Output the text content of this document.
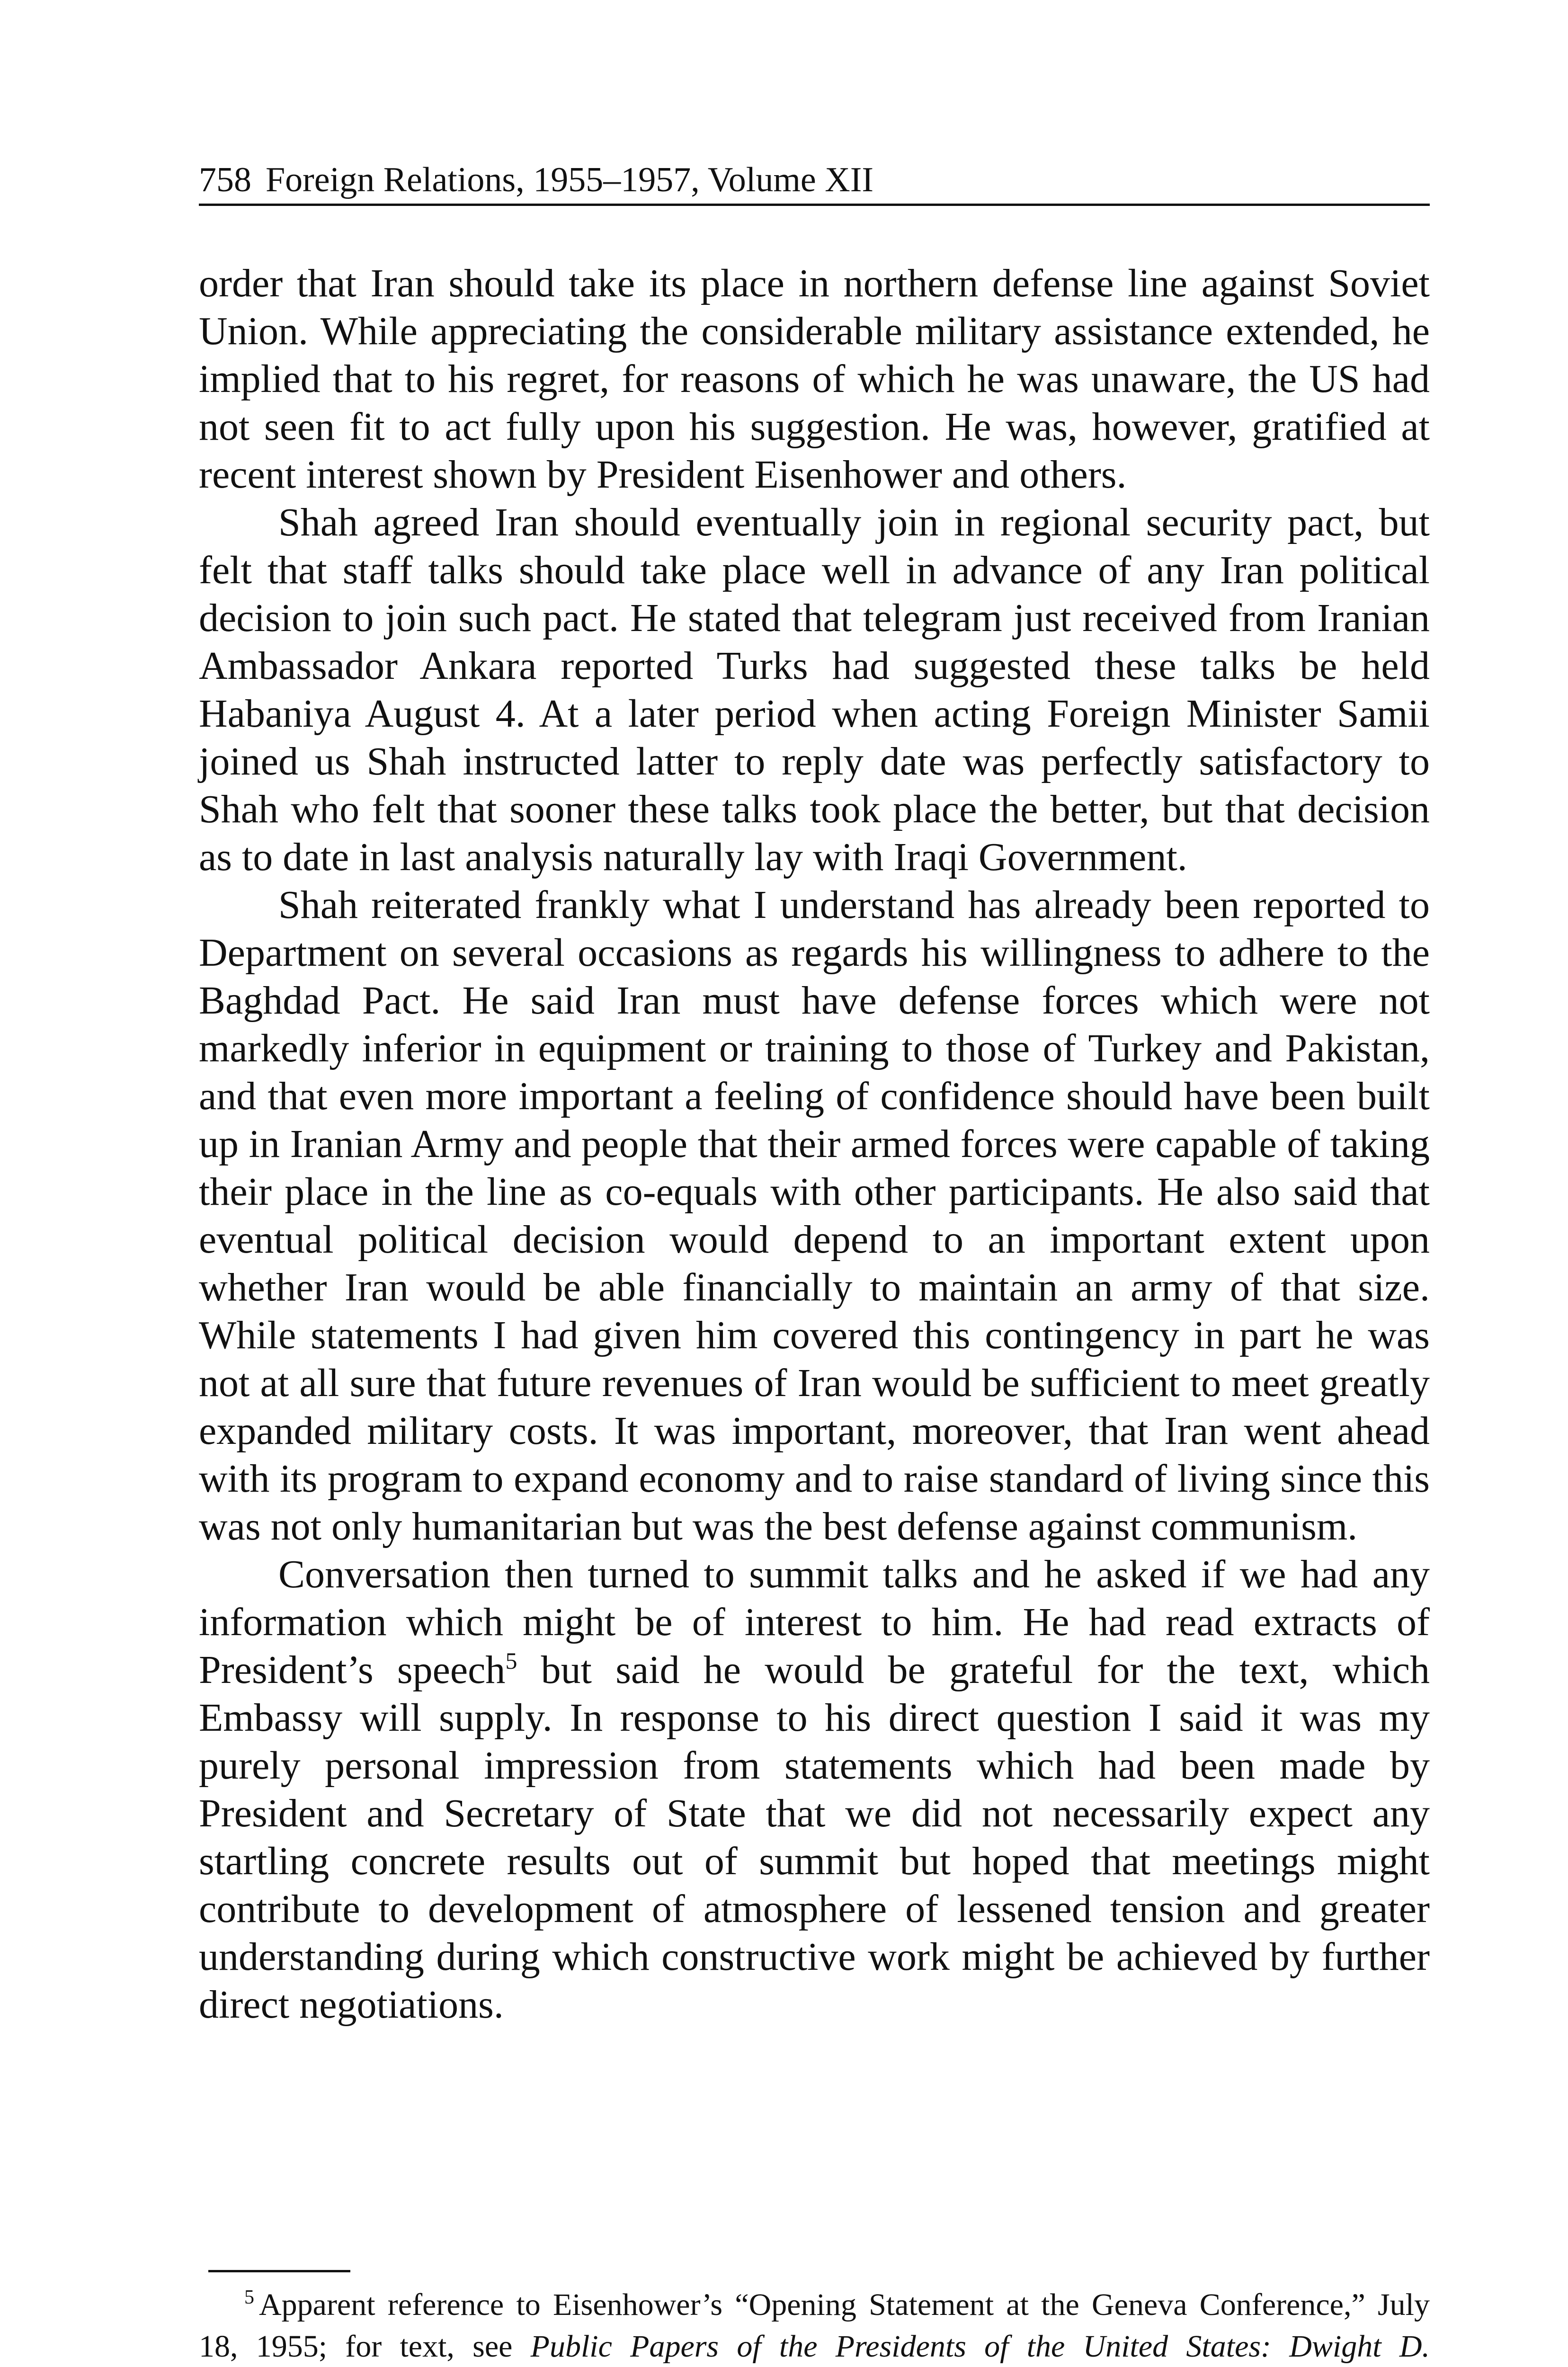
758 Foreign Relations, 1955–1957, Volume XII

order that Iran should take its place in northern defense line against Soviet Union. While appreciating the considerable military assistance extended, he implied that to his regret, for reasons of which he was unaware, the US had not seen fit to act fully upon his suggestion. He was, however, gratified at recent interest shown by President Eisenhower and others.

Shah agreed Iran should eventually join in regional security pact, but felt that staff talks should take place well in advance of any Iran political decision to join such pact. He stated that telegram just received from Iranian Ambassador Ankara reported Turks had suggested these talks be held Habaniya August 4. At a later period when acting Foreign Minister Samii joined us Shah instructed latter to reply date was perfectly satisfactory to Shah who felt that sooner these talks took place the better, but that decision as to date in last analysis naturally lay with Iraqi Government.

Shah reiterated frankly what I understand has already been reported to Department on several occasions as regards his willingness to adhere to the Baghdad Pact. He said Iran must have defense forces which were not markedly inferior in equipment or training to those of Turkey and Pakistan, and that even more important a feeling of confidence should have been built up in Iranian Army and people that their armed forces were capable of taking their place in the line as co-equals with other participants. He also said that eventual political decision would depend to an important extent upon whether Iran would be able financially to maintain an army of that size. While statements I had given him covered this contingency in part he was not at all sure that future revenues of Iran would be sufficient to meet greatly expanded military costs. It was important, moreover, that Iran went ahead with its program to expand economy and to raise standard of living since this was not only humanitarian but was the best defense against communism.

Conversation then turned to summit talks and he asked if we had any information which might be of interest to him. He had read extracts of President’s speech$^5$ but said he would be grateful for the text, which Embassy will supply. In response to his direct question I said it was my purely personal impression from statements which had been made by President and Secretary of State that we did not necessarily expect any startling concrete results out of summit but hoped that meetings might contribute to development of atmosphere of lessened tension and greater understanding during which constructive work might be achieved by further direct negotiations.

$^5$ Apparent reference to Eisenhower’s “Opening Statement at the Geneva Conference,” July 18, 1955; for text, see Public Papers of the Presidents of the United States: Dwight D.
